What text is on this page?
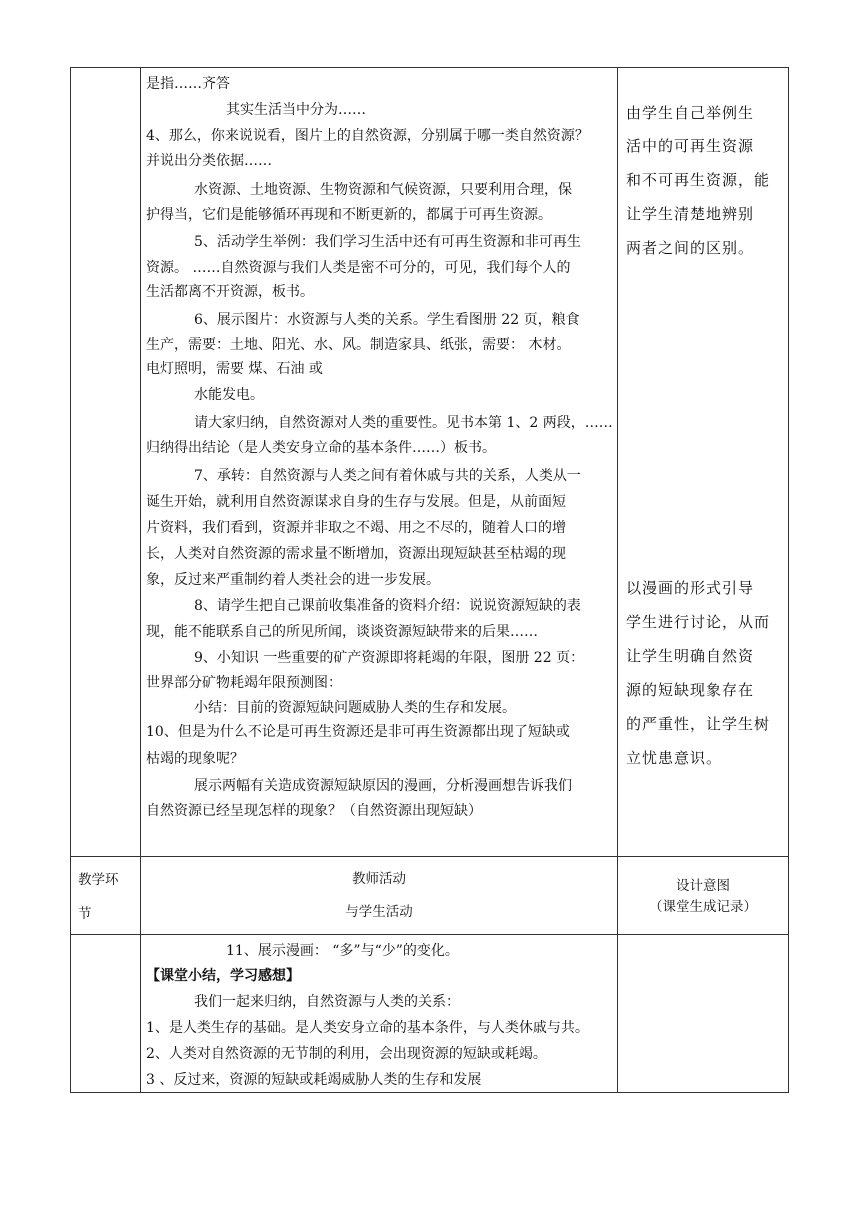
是指……齐答
其实生活当中分为……
4、那么，你来说说看，图片上的自然资源，分别属于哪一类自然资源？
并说出分类依据……
水资源、土地资源、生物资源和气候资源，只要利用合理，保
护得当，它们是能够循环再现和不断更新的，都属于可再生资源。
5、活动学生举例：我们学习生活中还有可再生资源和非可再生
资源。 ……自然资源与我们人类是密不可分的，可见，我们每个人的
生活都离不开资源，板书。
6、展示图片：水资源与人类的关系。学生看图册 22 页，粮食
生产，需要：土地、阳光、水、风。制造家具、纸张，需要： 木材。
电灯照明，需要 煤、石油 或
水能发电。
请大家归纳，自然资源对人类的重要性。见书本第 1、2 两段，……
归纳得出结论（是人类安身立命的基本条件……）板书。
7、承转：自然资源与人类之间有着休戚与共的关系，人类从一
诞生开始，就利用自然资源谋求自身的生存与发展。但是，从前面短
片资料，我们看到，资源并非取之不竭、用之不尽的，随着人口的增
长，人类对自然资源的需求量不断增加，资源出现短缺甚至枯竭的现
象，反过来严重制约着人类社会的进一步发展。
8、请学生把自己课前收集准备的资料介绍：说说资源短缺的表
现，能不能联系自己的所见所闻，谈谈资源短缺带来的后果……
9、小知识 一些重要的矿产资源即将耗竭的年限，图册 22 页：
世界部分矿物耗竭年限预测图：
小结：目前的资源短缺问题威胁人类的生存和发展。
10、但是为什么不论是可再生资源还是非可再生资源都出现了短缺或
枯竭的现象呢？
展示两幅有关造成资源短缺原因的漫画，分析漫画想告诉我们
自然资源已经呈现怎样的现象？（自然资源出现短缺）
由学生自己举例生
活中的可再生资源
和不可再生资源，能
让学生清楚地辨别
两者之间的区别。
以漫画的形式引导
学生进行讨论，从而
让学生明确自然资
源的短缺现象存在
的严重性，让学生树
立忧患意识。
教学环
节
教师活动
与学生活动
设计意图
（课堂生成记录）
11、展示漫画： “多”与“少”的变化。
【课堂小结，学习感想】
我们一起来归纳，自然资源与人类的关系：
1、是人类生存的基础。是人类安身立命的基本条件，与人类休戚与共。
2、人类对自然资源的无节制的利用，会出现资源的短缺或耗竭。
3 、反过来，资源的短缺或耗竭威胁人类的生存和发展
